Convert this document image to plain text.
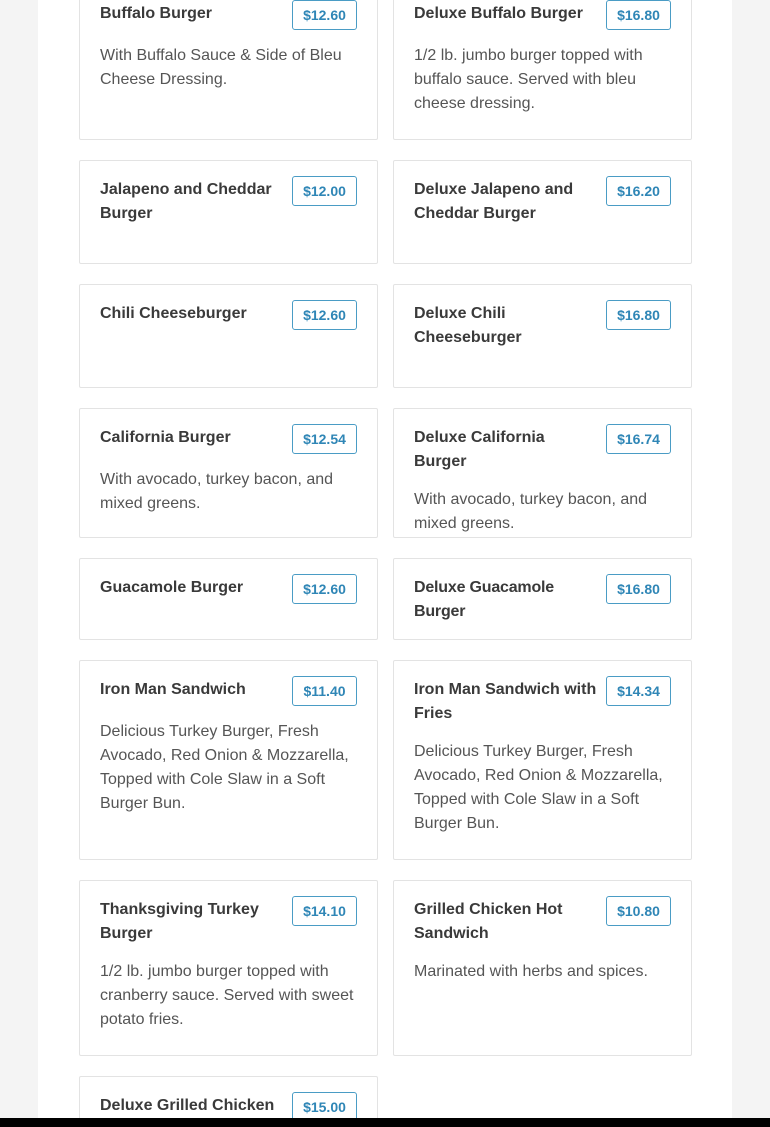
Buffalo Burger	$12.60
With Buffalo Sauce & Side of Bleu Cheese Dressing.
Deluxe Buffalo Burger	$16.80
1/2 lb. jumbo burger topped with buffalo sauce. Served with bleu cheese dressing.
Jalapeno and Cheddar Burger
$12.00	Deluxe Jalapeno and Cheddar Burger
$16.20
Chili Cheeseburger	$12.60	Deluxe Chili Cheeseburger
$16.80
California Burger	$12.54
With avocado, turkey bacon, and mixed greens.
Deluxe California Burger
$16.74
With avocado, turkey bacon, and mixed greens.
Guacamole Burger	$12.60	Deluxe Guacamole Burger
$16.80
Iron Man Sandwich	$11.40
Delicious Turkey Burger, Fresh Avocado, Red Onion & Mozzarella, Topped with Cole Slaw in a Soft Burger Bun.
Iron Man Sandwich with Fries
$14.34
Delicious Turkey Burger, Fresh Avocado, Red Onion & Mozzarella, Topped with Cole Slaw in a Soft Burger Bun.
Thanksgiving Turkey Burger
$14.10
1/2 lb. jumbo burger topped with cranberry sauce. Served with sweet potato fries.
Grilled Chicken Hot Sandwich
$10.80
Marinated with herbs and spices.
Deluxe Grilled Chicken	$15.00
